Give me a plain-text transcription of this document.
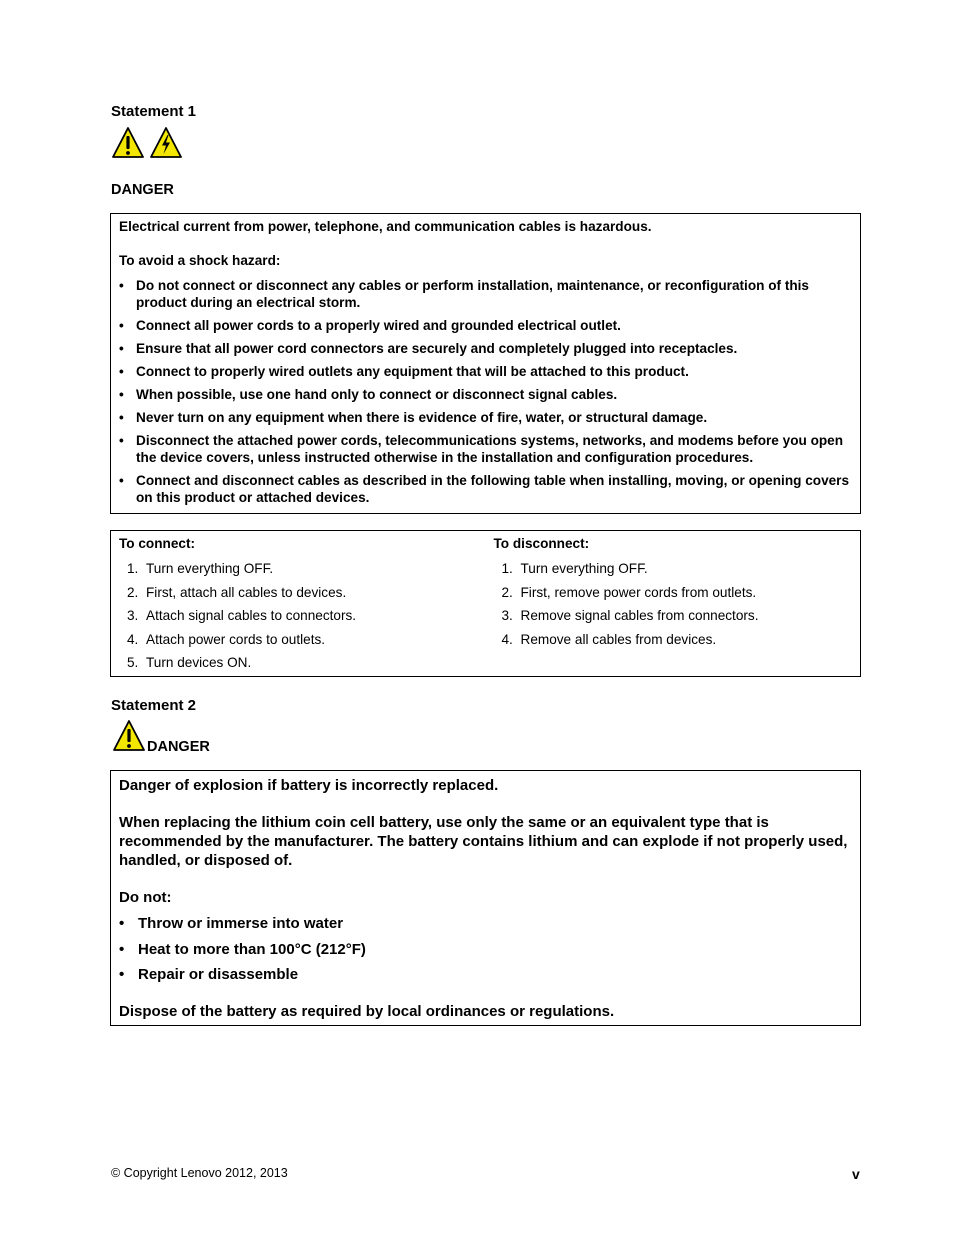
Statement 1
DANGER

Electrical current from power, telephone, and communication cables is hazardous.

To avoid a shock hazard:

• Do not connect or disconnect any cables or perform installation, maintenance, or reconfiguration of this product during an electrical storm.
• Connect all power cords to a properly wired and grounded electrical outlet.
• Ensure that all power cord connectors are securely and completely plugged into receptacles.
• Connect to properly wired outlets any equipment that will be attached to this product.
• When possible, use one hand only to connect or disconnect signal cables.
• Never turn on any equipment when there is evidence of fire, water, or structural damage.
• Disconnect the attached power cords, telecommunications systems, networks, and modems before you open the device covers, unless instructed otherwise in the installation and configuration procedures.
• Connect and disconnect cables as described in the following table when installing, moving, or opening covers on this product or attached devices.

To connect:

1. Turn everything OFF.
2. First, attach all cables to devices.
3. Attach signal cables to connectors.
4. Attach power cords to outlets.
5. Turn devices ON.

To disconnect:

1. Turn everything OFF.
2. First, remove power cords from outlets.
3. Remove signal cables from connectors.
4. Remove all cables from devices.
Statement 2
DANGER

Danger of explosion if battery is incorrectly replaced.

When replacing the lithium coin cell battery, use only the same or an equivalent type that is recommended by the manufacturer. The battery contains lithium and can explode if not properly used, handled, or disposed of.

Do not:

• Throw or immerse into water
• Heat to more than 100°C (212°F)
• Repair or disassemble

Dispose of the battery as required by local ordinances or regulations.

© Copyright Lenovo 2012, 2013	v
